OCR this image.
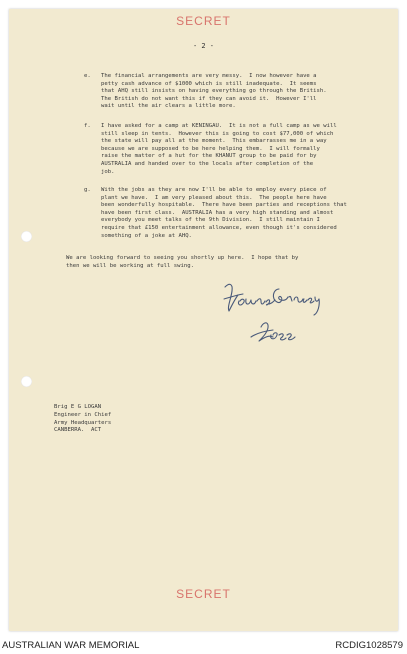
SECRET
- 2 -
e. The financial arrangements are very messy.  I now however have a
petty cash advance of $1000 which is still inadequate.  It seems
that AHQ still insists on having everything go through the British.
The British do not want this if they can avoid it.  However I'll
wait until the air clears a little more.
f. I have asked for a camp at KENINGAU.  It is not a full camp as we will
still sleep in tents.  However this is going to cost $77,000 of which
the state will pay all at the moment.  This embarrasses me in a way
because we are supposed to be here helping them.  I will formally
raise the matter of a hut for the KHANUT group to be paid for by
AUSTRALIA and handed over to the locals after completion of the
job.
g. With the jobs as they are now I'll be able to employ every piece of
plant we have.  I am very pleased about this.  The people here have
been wonderfully hospitable.  There have been parties and receptions that
have been first class.  AUSTRALIA has a very high standing and almost
everybody you meet talks of the 9th Division.  I still maintain I
require that £150 entertainment allowance, even though it's considered
something of a joke at AHQ.
We are looking forward to seeing you shortly up here.  I hope that by
then we will be working at full swing.
Brig E G LOGAN
Engineer in Chief
Army Headquarters
CANBERRA.  ACT
SECRET
AUSTRALIAN WAR MEMORIAL	RCDIG1028579
